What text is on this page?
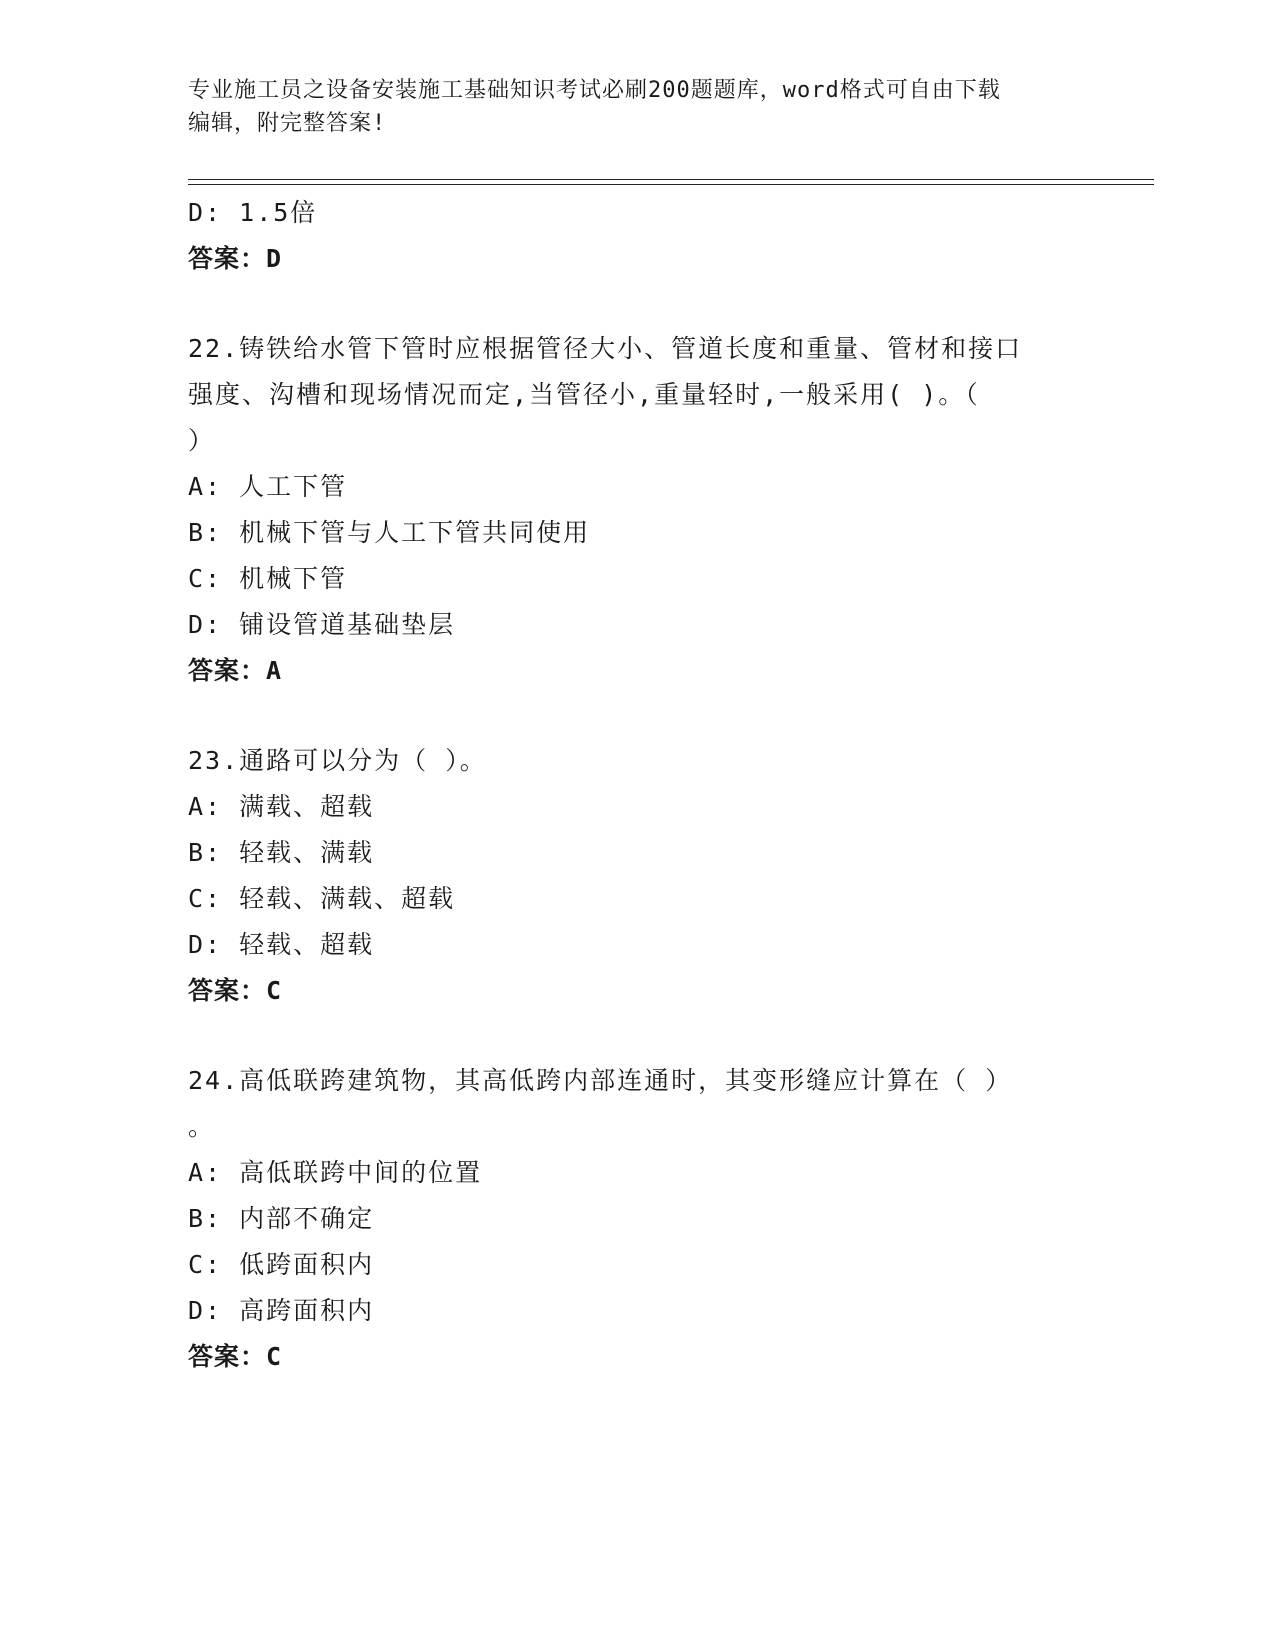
专业施工员之设备安装施工基础知识考试必刷200题题库，word格式可自由下载
编辑，附完整答案!
D: 1.5倍
答案：D
22.铸铁给水管下管时应根据管径大小、管道长度和重量、管材和接口
强度、沟槽和现场情况而定,当管径小,重量轻时,一般采用( )。（
）
A: 人工下管
B: 机械下管与人工下管共同使用
C: 机械下管
D: 铺设管道基础垫层
答案：A
23.通路可以分为（ ）。
A: 满载、超载
B: 轻载、满载
C: 轻载、满载、超载
D: 轻载、超载
答案：C
24.高低联跨建筑物，其高低跨内部连通时，其变形缝应计算在（ ）
。
A: 高低联跨中间的位置
B: 内部不确定
C: 低跨面积内
D: 高跨面积内
答案：C
